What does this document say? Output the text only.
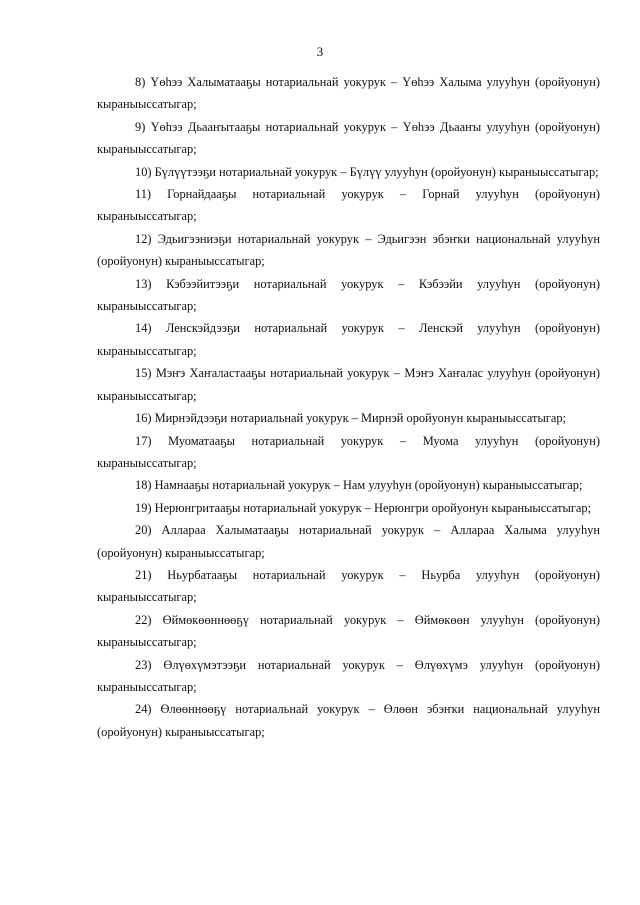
3

8) Үөһээ Халыматааҕы нотариальнай уокурук – Үөһээ Халыма улууһун (оройуонун) кыраныыссатыгар;

9) Үөһээ Дьааҥытааҕы нотариальнай уокурук – Үөһээ Дьааҥы улууһун (оройуонун) кыраныыссатыгар;

10) Бүлүүтээҕи нотариальнай уокурук – Бүлүү улууһун (оройуонун) кыраныыссатыгар;

11) Горнайдааҕы нотариальнай уокурук – Горнай улууһун (оройуонун) кыраныыссатыгар;

12) Эдьигээниэҕи нотариальнай уокурук – Эдьигээн эбэҥки национальнай улууһун (оройуонун) кыраныыссатыгар;

13) Кэбээйитээҕи нотариальнай уокурук – Кэбээйи улууһун (оройуонун) кыраныыссатыгар;

14) Ленскэйдээҕи нотариальнай уокурук – Ленскэй улууһун (оройуонун) кыраныыссатыгар;

15) Мэҥэ Хаҥаластааҕы нотариальнай уокурук – Мэҥэ Хаҥалас улууһун (оройуонун) кыраныыссатыгар;

16) Мирнэйдээҕи нотариальнай уокурук – Мирнэй оройуонун кыраныыссатыгар;

17) Муоматааҕы нотариальнай уокурук – Муома улууһун (оройуонун) кыраныыссатыгар;

18) Намнааҕы нотариальнай уокурук – Нам улууһун (оройуонун) кыраныыссатыгар;

19) Нерюнгритааҕы нотариальнай уокурук – Нерюнгри оройуонун кыраныыссатыгар;

20) Аллараа Халыматааҕы нотариальнай уокурук – Аллараа Халыма улууһун (оройуонун) кыраныыссатыгар;

21) Ньурбатааҕы нотариальнай уокурук – Ньурба улууһун (оройуонун) кыраныыссатыгар;

22) Өймөкөөннөөҕү нотариальнай уокурук – Өймөкөөн улууһун (оройуонун) кыраныыссатыгар;

23) Өлүөхүмэтээҕи нотариальнай уокурук – Өлүөхүмэ улууһун (оройуонун) кыраныыссатыгар;

24) Өлөөннөөҕү нотариальнай уокурук – Өлөөн эбэҥки национальнай улууһун (оройуонун) кыраныыссатыгар;
